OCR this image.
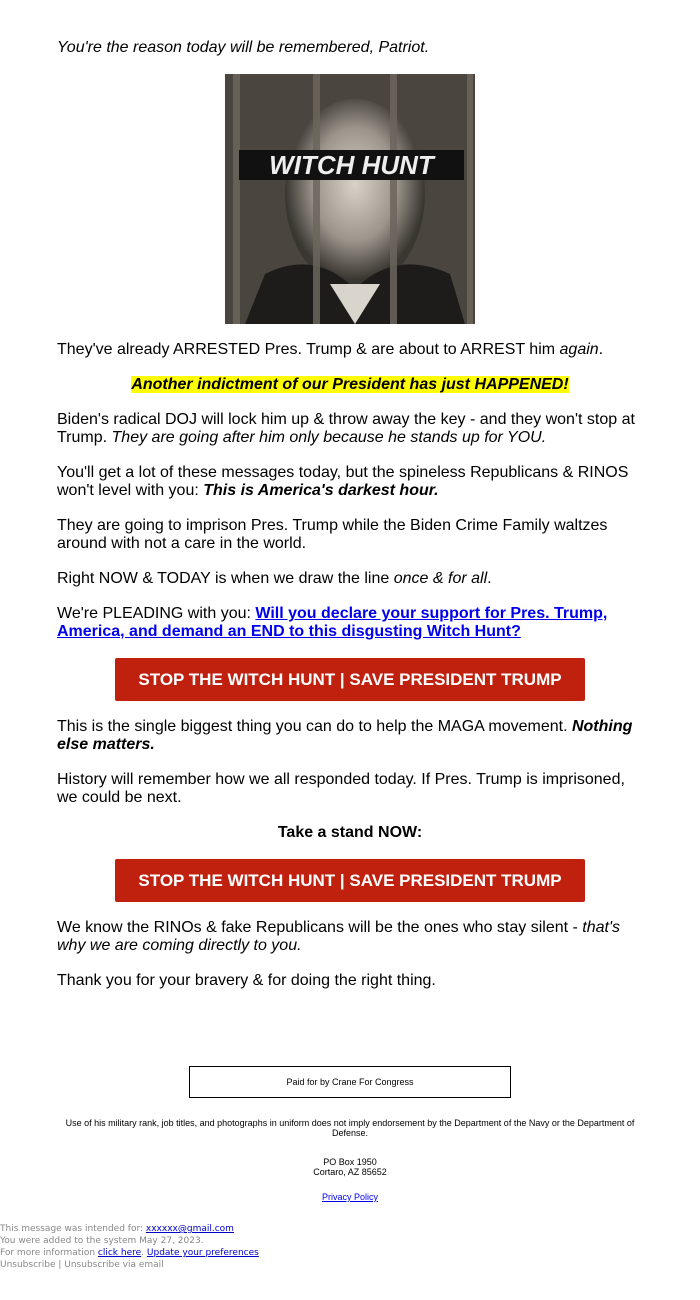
You're the reason today will be remembered, Patriot.

WITCH HUNT

They've already ARRESTED Pres. Trump & are about to ARREST him again.

Another indictment of our President has just HAPPENED!

Biden's radical DOJ will lock him up & throw away the key - and they won't stop at Trump. They are going after him only because he stands up for YOU.

You'll get a lot of these messages today, but the spineless Republicans & RINOS won't level with you: This is America's darkest hour.

They are going to imprison Pres. Trump while the Biden Crime Family waltzes around with not a care in the world.

Right NOW & TODAY is when we draw the line once & for all.

We're PLEADING with you: Will you declare your support for Pres. Trump, America, and demand an END to this disgusting Witch Hunt?

STOP THE WITCH HUNT | SAVE PRESIDENT TRUMP

This is the single biggest thing you can do to help the MAGA movement. Nothing else matters.

History will remember how we all responded today. If Pres. Trump is imprisoned, we could be next.

Take a stand NOW:

STOP THE WITCH HUNT | SAVE PRESIDENT TRUMP

We know the RINOs & fake Republicans will be the ones who stay silent - that's why we are coming directly to you.

Thank you for your bravery & for doing the right thing.

Paid for by Crane For Congress
Use of his military rank, job titles, and photographs in uniform does not imply endorsement by the Department of the Navy or the Department of Defense.
PO Box 1950
Cortaro, AZ 85652
Privacy Policy
This message was intended for: xxxxxx@gmail.com
You were added to the system May 27, 2023.
For more information click here. Update your preferences
Unsubscribe | Unsubscribe via email
